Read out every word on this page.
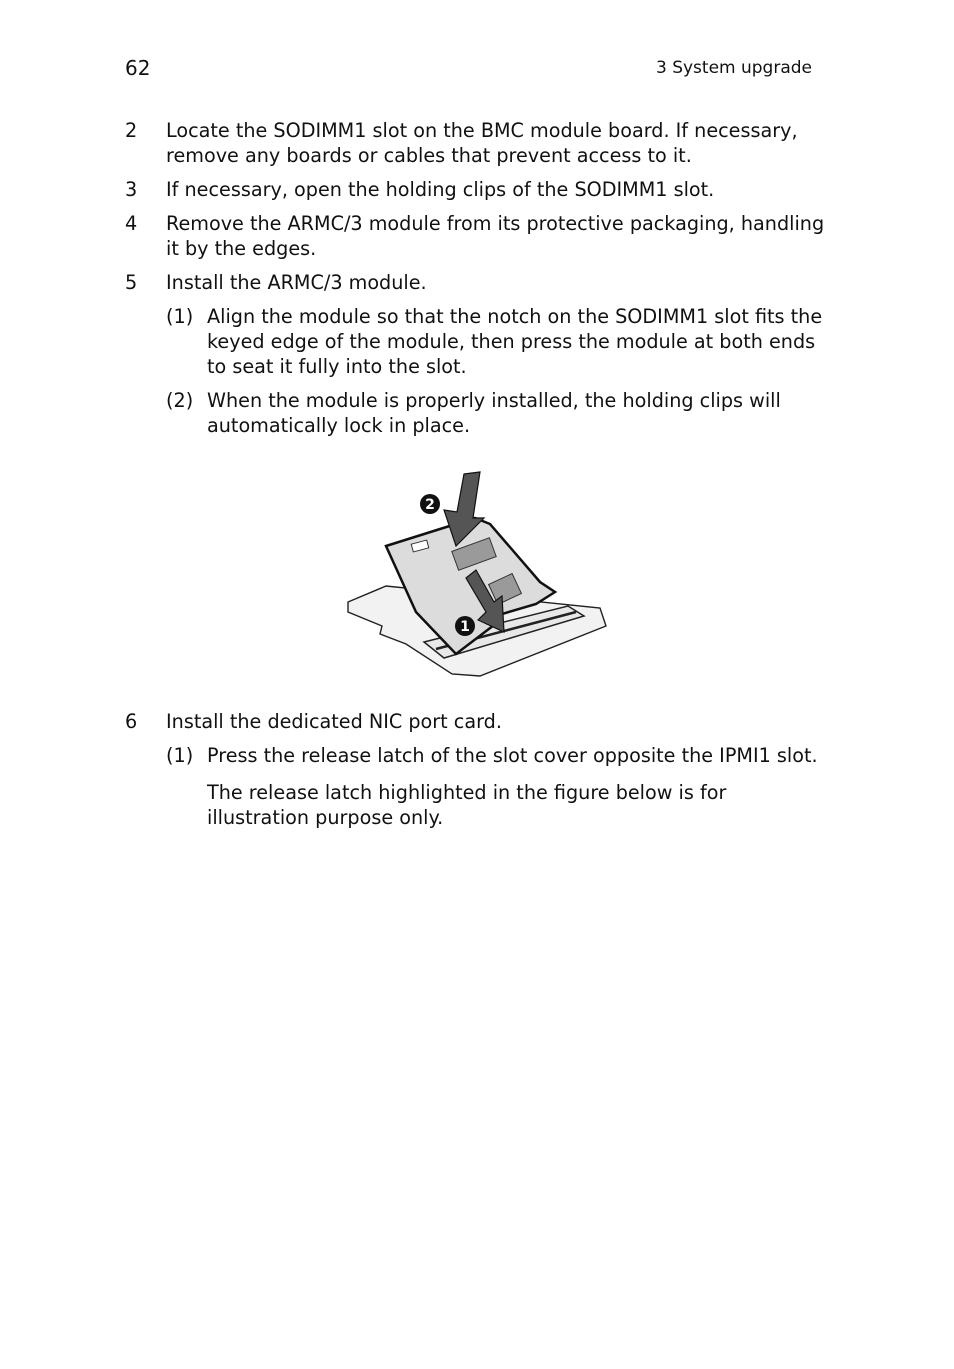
62	3 System upgrade
2 Locate the SODIMM1 slot on the BMC module board. If necessary, remove any boards or cables that prevent access to it.
3 If necessary, open the holding clips of the SODIMM1 slot.
4 Remove the ARMC/3 module from its protective packaging, handling it by the edges.
5 Install the ARMC/3 module.
(1) Align the module so that the notch on the SODIMM1 slot fits the keyed edge of the module, then press the module at both ends to seat it fully into the slot.
(2) When the module is properly installed, the holding clips will automatically lock in place.
2
1
6 Install the dedicated NIC port card.
(1) Press the release latch of the slot cover opposite the IPMI1 slot.
The release latch highlighted in the figure below is for illustration purpose only.
